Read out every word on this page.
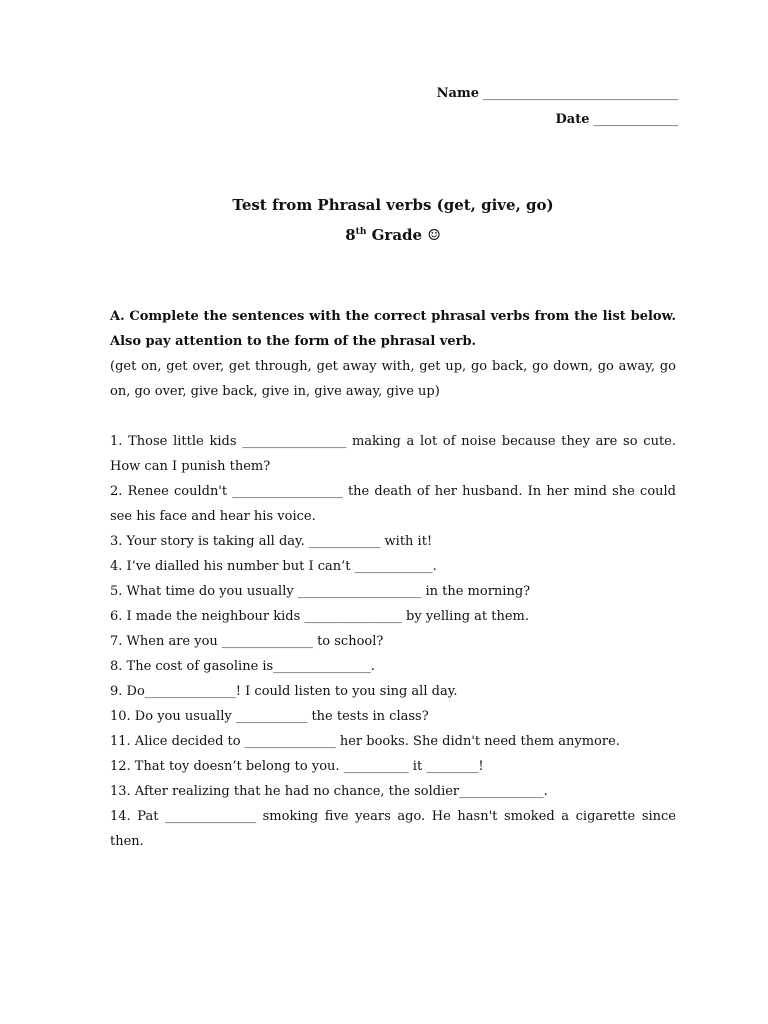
Name ______________________________
Date _____________
Test from Phrasal verbs (get, give, go)
8th Grade ☺
A. Complete the sentences with the correct phrasal verbs from the list below. Also pay attention to the form of the phrasal verb.
(get on, get over, get through, get away with, get up, go back, go down, go away, go on, go over, give back, give in, give away, give up)
1. Those little kids ________________ making a lot of noise because they are so cute. How can I punish them?
2. Renee couldn't _________________ the death of her husband. In her mind she could see his face and hear his voice.
3. Your story is taking all day. ___________ with it!
4. I’ve dialled his number but I can’t ____________.
5. What time do you usually ___________________ in the morning?
6. I made the neighbour kids _______________ by yelling at them.
7. When are you ______________ to school?
8. The cost of gasoline is_______________.
9. Do______________! I could listen to you sing all day.
10. Do you usually ___________ the tests in class?
11. Alice decided to ______________ her books. She didn't need them anymore.
12. That toy doesn’t belong to you. __________ it ________!
13. After realizing that he had no chance, the soldier_____________.
14. Pat ______________ smoking five years ago. He hasn't smoked a cigarette since then.
